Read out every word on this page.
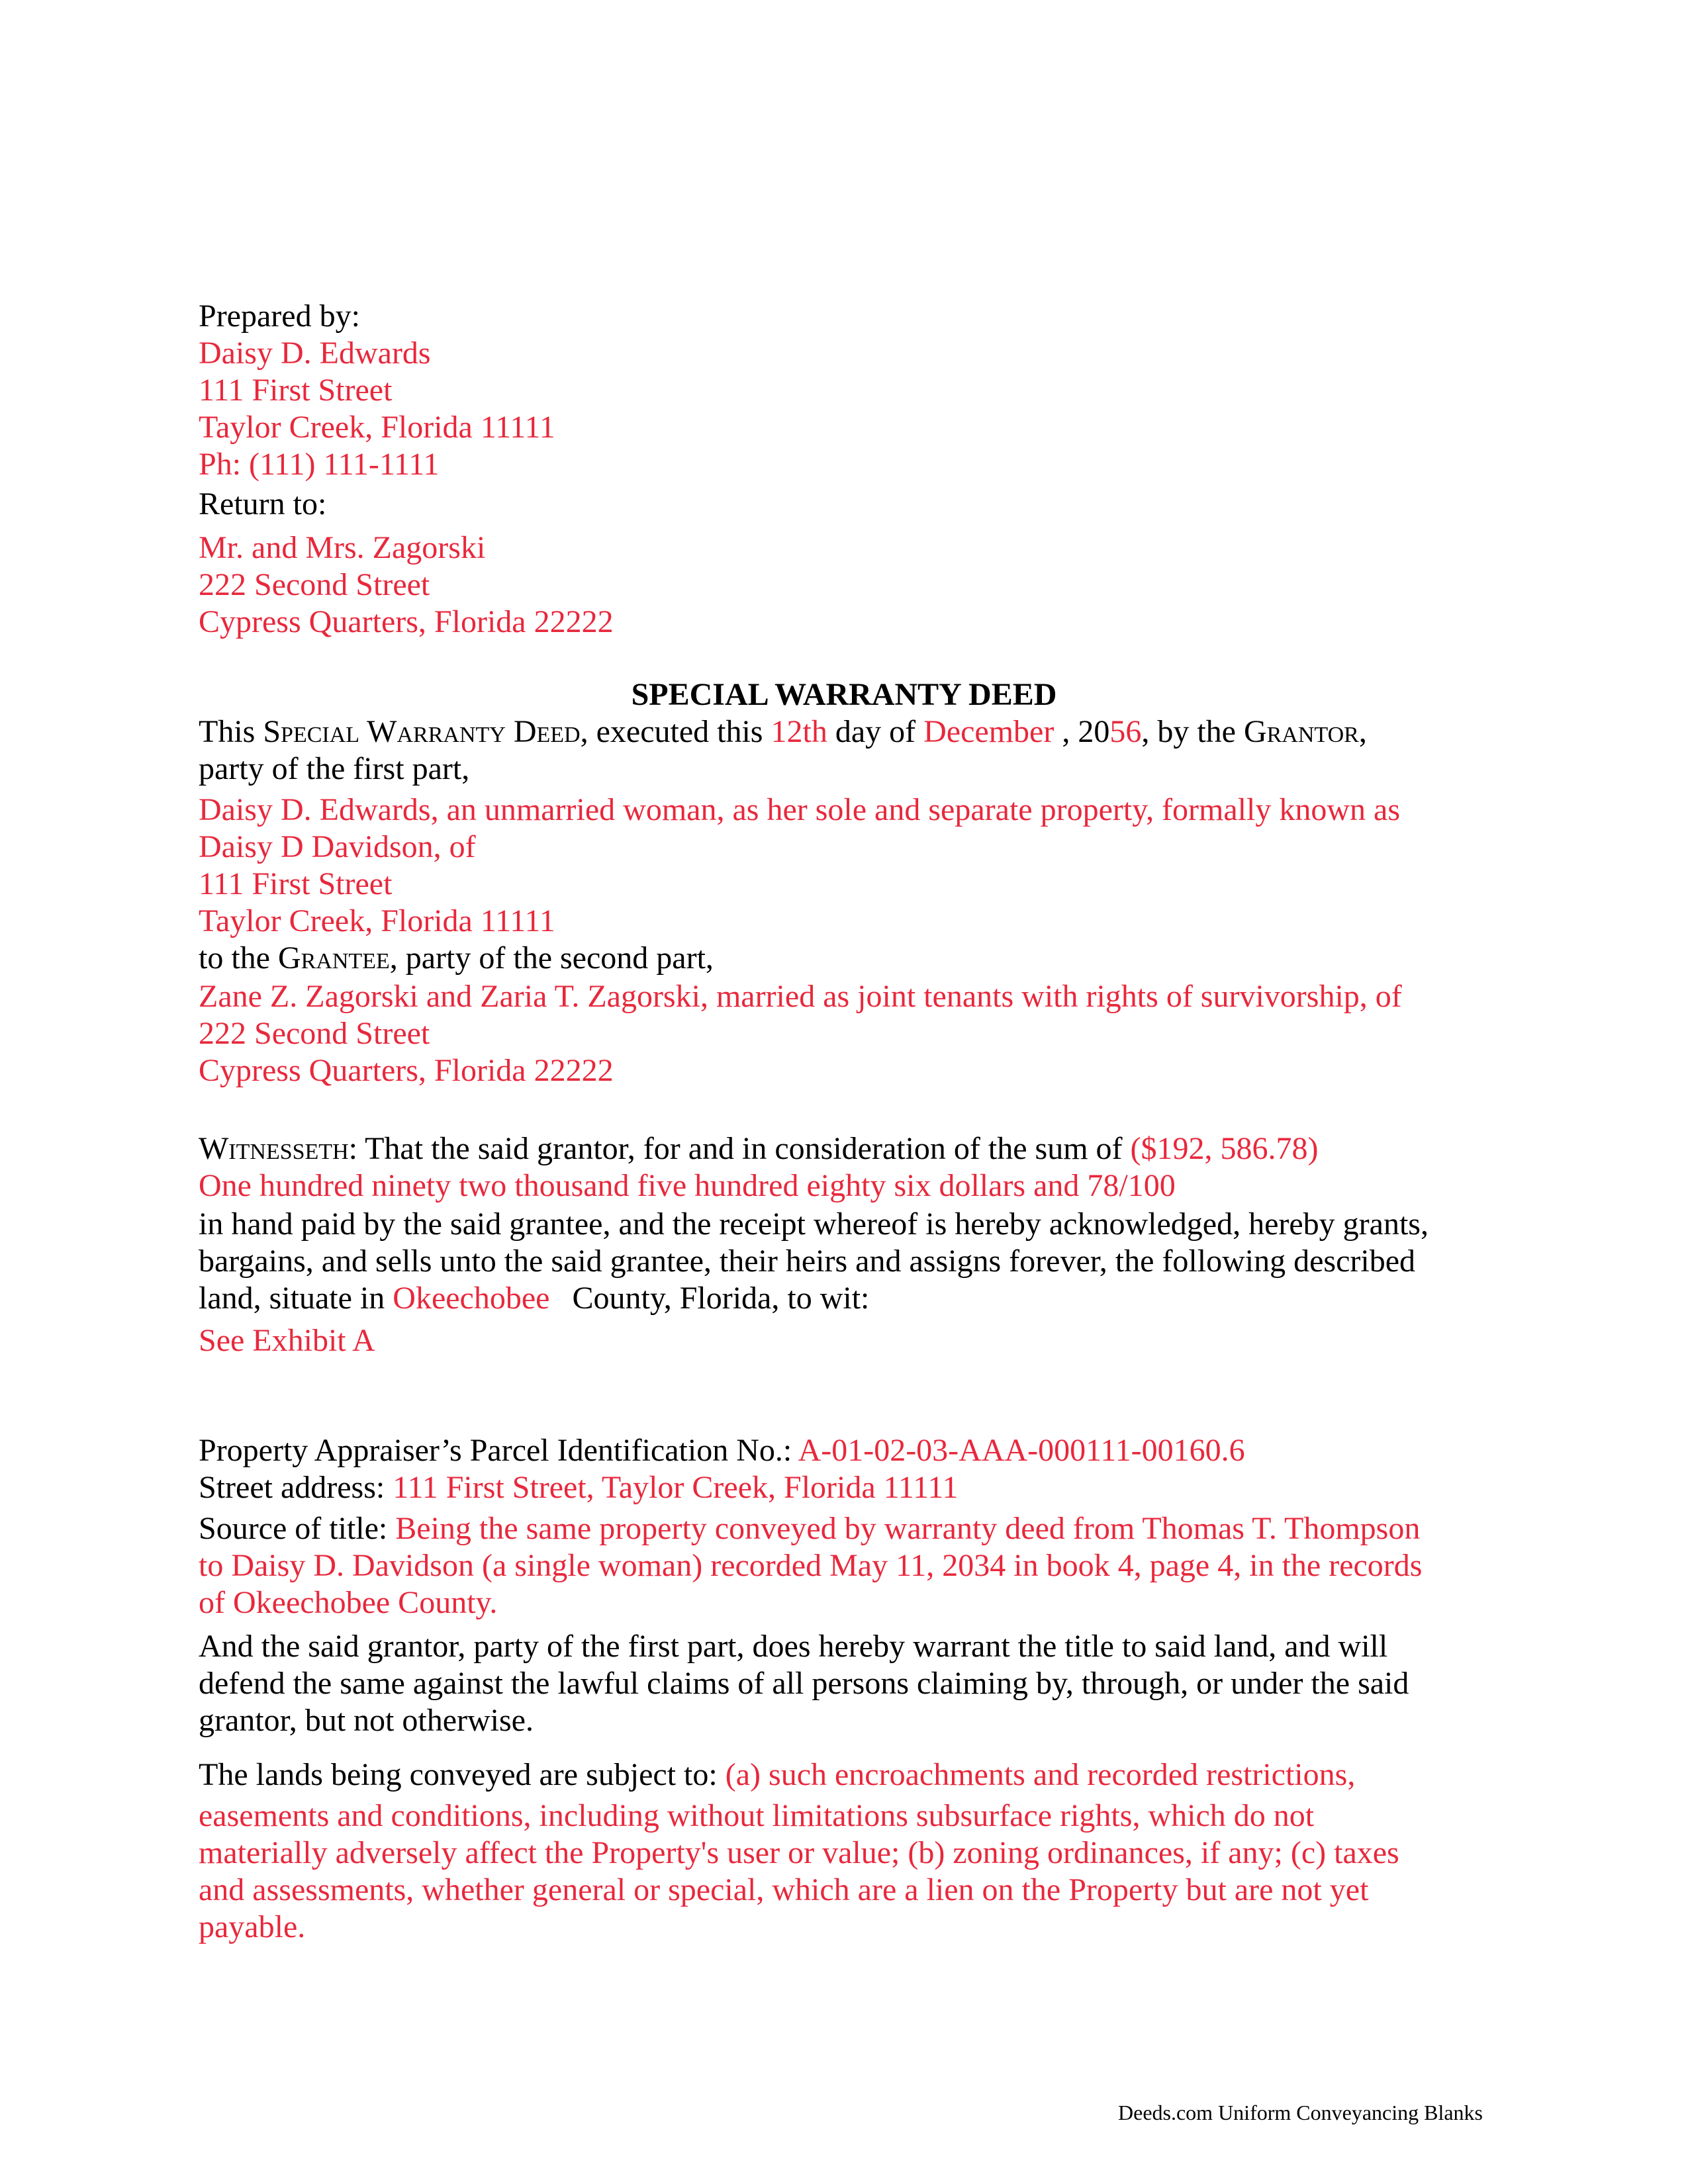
Prepared by:
Daisy D. Edwards
111 First Street
Taylor Creek, Florida 11111
Ph: (111) 111-1111
Return to:
Mr. and Mrs. Zagorski
222 Second Street
Cypress Quarters, Florida 22222
SPECIAL WARRANTY DEED
This Special Warranty Deed, executed this 12th day of December , 2056, by the Grantor,
party of the first part,
Daisy D. Edwards, an unmarried woman, as her sole and separate property, formally known as
Daisy D Davidson, of
111 First Street
Taylor Creek, Florida 11111
to the Grantee, party of the second part,
Zane Z. Zagorski and Zaria T. Zagorski, married as joint tenants with rights of survivorship, of
222 Second Street
Cypress Quarters, Florida 22222
Witnesseth: That the said grantor, for and in consideration of the sum of ($192, 586.78)
One hundred ninety two thousand five hundred eighty six dollars and 78/100
in hand paid by the said grantee, and the receipt whereof is hereby acknowledged, hereby grants,
bargains, and sells unto the said grantee, their heirs and assigns forever, the following described
land, situate in Okeechobee County, Florida, to wit:
See Exhibit A
Property Appraiser’s Parcel Identification No.: A-01-02-03-AAA-000111-00160.6
Street address: 111 First Street, Taylor Creek, Florida 11111
Source of title: Being the same property conveyed by warranty deed from Thomas T. Thompson
to Daisy D. Davidson (a single woman) recorded May 11, 2034 in book 4, page 4, in the records
of Okeechobee County.
And the said grantor, party of the first part, does hereby warrant the title to said land, and will
defend the same against the lawful claims of all persons claiming by, through, or under the said
grantor, but not otherwise.
The lands being conveyed are subject to: (a) such encroachments and recorded restrictions,
easements and conditions, including without limitations subsurface rights, which do not
materially adversely affect the Property's user or value; (b) zoning ordinances, if any; (c) taxes
and assessments, whether general or special, which are a lien on the Property but are not yet
payable.
Deeds.com Uniform Conveyancing Blanks
